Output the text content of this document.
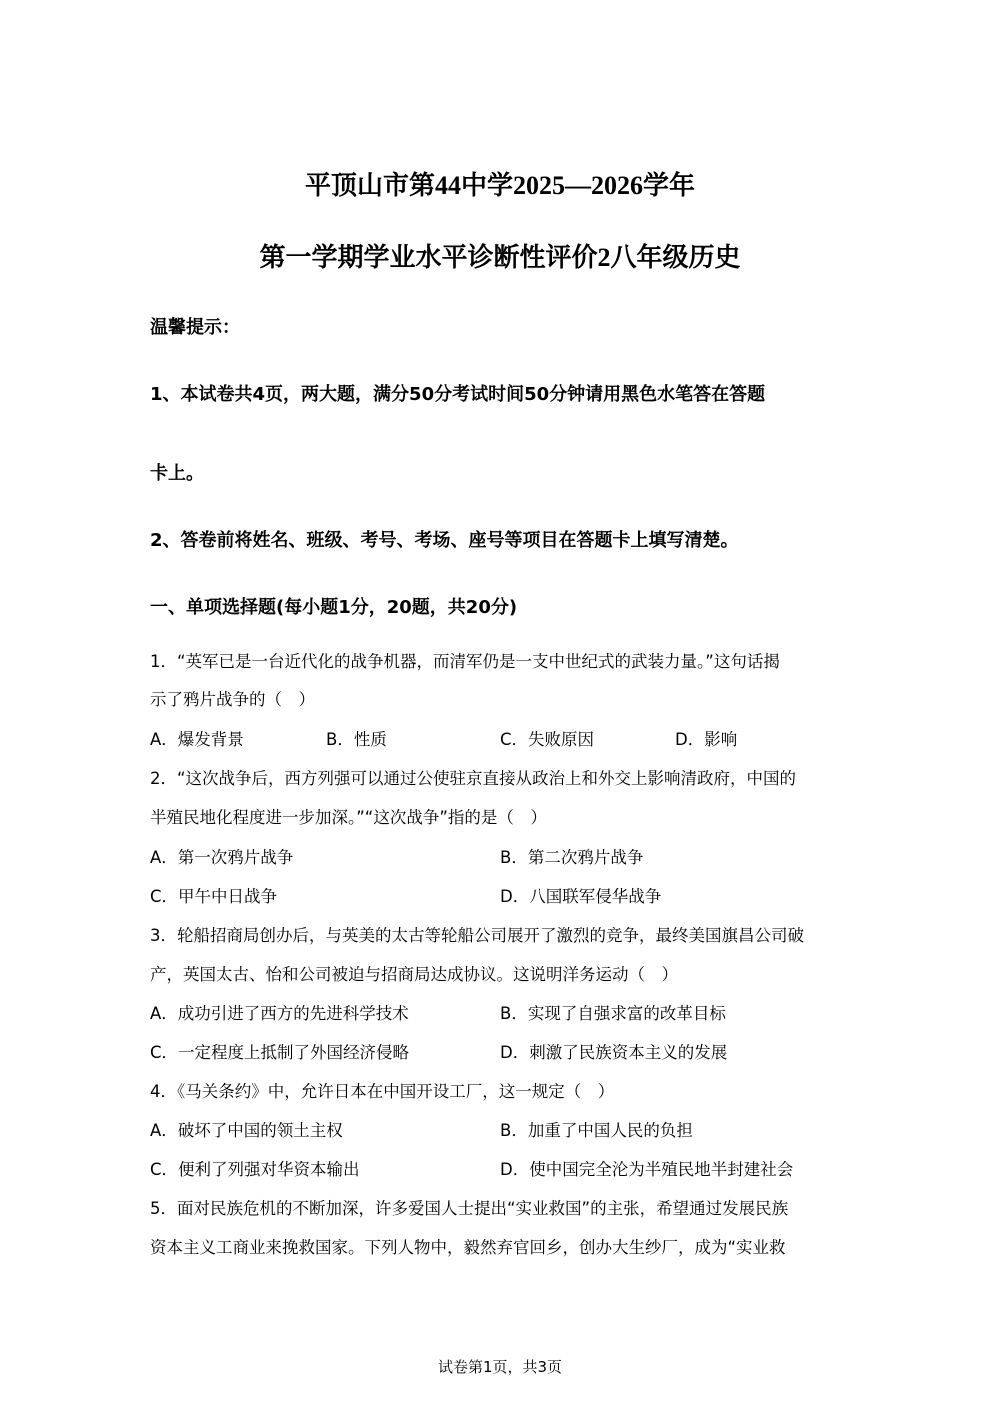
平顶山市第44中学2025—2026学年
第一学期学业水平诊断性评价2八年级历史
温馨提示：
1、本试卷共4页，两大题，满分50分考试时间50分钟请用黑色水笔答在答题
卡上。
2、答卷前将姓名、班级、考号、考场、座号等项目在答题卡上填写清楚。
一、单项选择题(每小题1分，20题，共20分)
1．“英军已是一台近代化的战争机器，而清军仍是一支中世纪式的武装力量。”这句话揭
示了鸦片战争的（　）
A．爆发背景	B．性质	C．失败原因	D．影响
2．“这次战争后，西方列强可以通过公使驻京直接从政治上和外交上影响清政府，中国的
半殖民地化程度进一步加深。”“这次战争”指的是（　）
A．第一次鸦片战争	B．第二次鸦片战争
C．甲午中日战争	D．八国联军侵华战争
3．轮船招商局创办后，与英美的太古等轮船公司展开了激烈的竞争，最终美国旗昌公司破
产，英国太古、怡和公司被迫与招商局达成协议。这说明洋务运动（　）
A．成功引进了西方的先进科学技术	B．实现了自强求富的改革目标
C．一定程度上抵制了外国经济侵略	D．刺激了民族资本主义的发展
4．《马关条约》中，允许日本在中国开设工厂，这一规定（　）
A．破坏了中国的领土主权	B．加重了中国人民的负担
C．便利了列强对华资本输出	D．使中国完全沦为半殖民地半封建社会
5．面对民族危机的不断加深，许多爱国人士提出“实业救国”的主张，希望通过发展民族
资本主义工商业来挽救国家。下列人物中，毅然弃官回乡，创办大生纱厂，成为“实业救
试卷第1页，共3页
